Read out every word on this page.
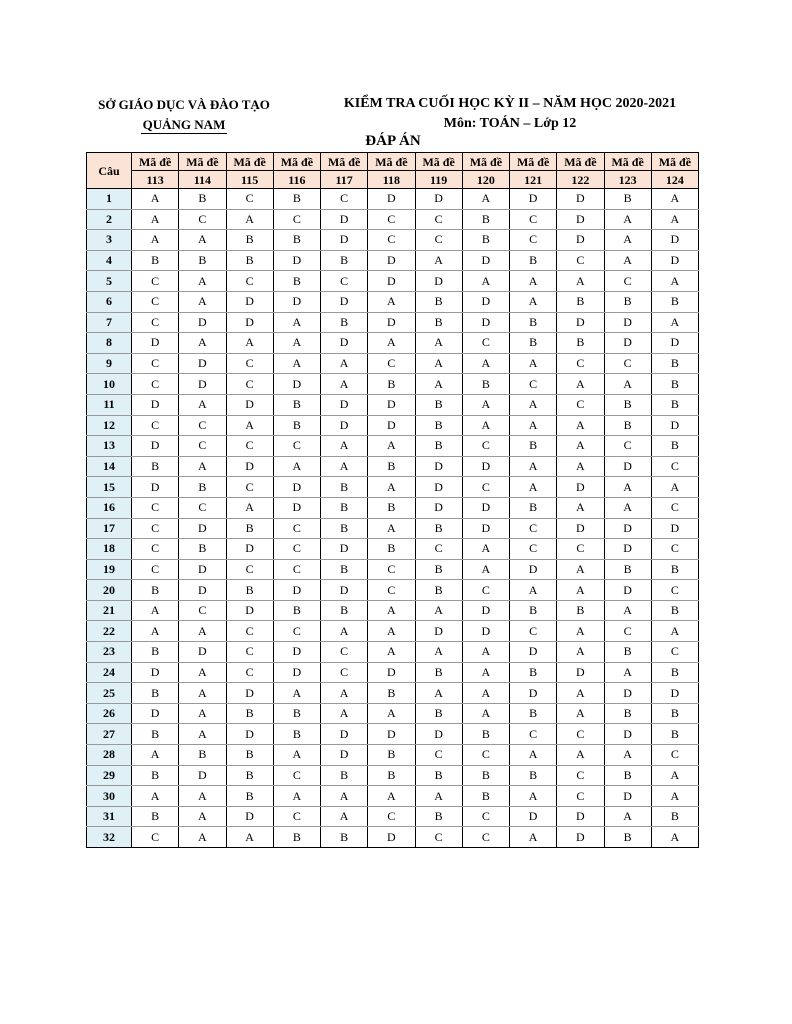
SỞ GIÁO DỤC VÀ ĐÀO TẠO
QUẢNG NAM
KIỂM TRA CUỐI HỌC KỲ II – NĂM HỌC 2020-2021
Môn: TOÁN – Lớp 12
ĐÁP ÁN
Câu	Mã đề	Mã đề	Mã đề	Mã đề	Mã đề	Mã đề	Mã đề	Mã đề	Mã đề	Mã đề	Mã đề	Mã đề
	113	114	115	116	117	118	119	120	121	122	123	124
1	A	B	C	B	C	D	D	A	D	D	B	A
2	A	C	A	C	D	C	C	B	C	D	A	A
3	A	A	B	B	D	C	C	B	C	D	A	D
4	B	B	B	D	B	D	A	D	B	C	A	D
5	C	A	C	B	C	D	D	A	A	A	C	A
6	C	A	D	D	D	A	B	D	A	B	B	B
7	C	D	D	A	B	D	B	D	B	D	D	A
8	D	A	A	A	D	A	A	C	B	B	D	D
9	C	D	C	A	A	C	A	A	A	C	C	B
10	C	D	C	D	A	B	A	B	C	A	A	B
11	D	A	D	B	D	D	B	A	A	C	B	B
12	C	C	A	B	D	D	B	A	A	A	B	D
13	D	C	C	C	A	A	B	C	B	A	C	B
14	B	A	D	A	A	B	D	D	A	A	D	C
15	D	B	C	D	B	A	D	C	A	D	A	A
16	C	C	A	D	B	B	D	D	B	A	A	C
17	C	D	B	C	B	A	B	D	C	D	D	D
18	C	B	D	C	D	B	C	A	C	C	D	C
19	C	D	C	C	B	C	B	A	D	A	B	B
20	B	D	B	D	D	C	B	C	A	A	D	C
21	A	C	D	B	B	A	A	D	B	B	A	B
22	A	A	C	C	A	A	D	D	C	A	C	A
23	B	D	C	D	C	A	A	A	D	A	B	C
24	D	A	C	D	C	D	B	A	B	D	A	B
25	B	A	D	A	A	B	A	A	D	A	D	D
26	D	A	B	B	A	A	B	A	B	A	B	B
27	B	A	D	B	D	D	D	B	C	C	D	B
28	A	B	B	A	D	B	C	C	A	A	A	C
29	B	D	B	C	B	B	B	B	B	C	B	A
30	A	A	B	A	A	A	A	B	A	C	D	A
31	B	A	D	C	A	C	B	C	D	D	A	B
32	C	A	A	B	B	D	C	C	A	D	B	A
